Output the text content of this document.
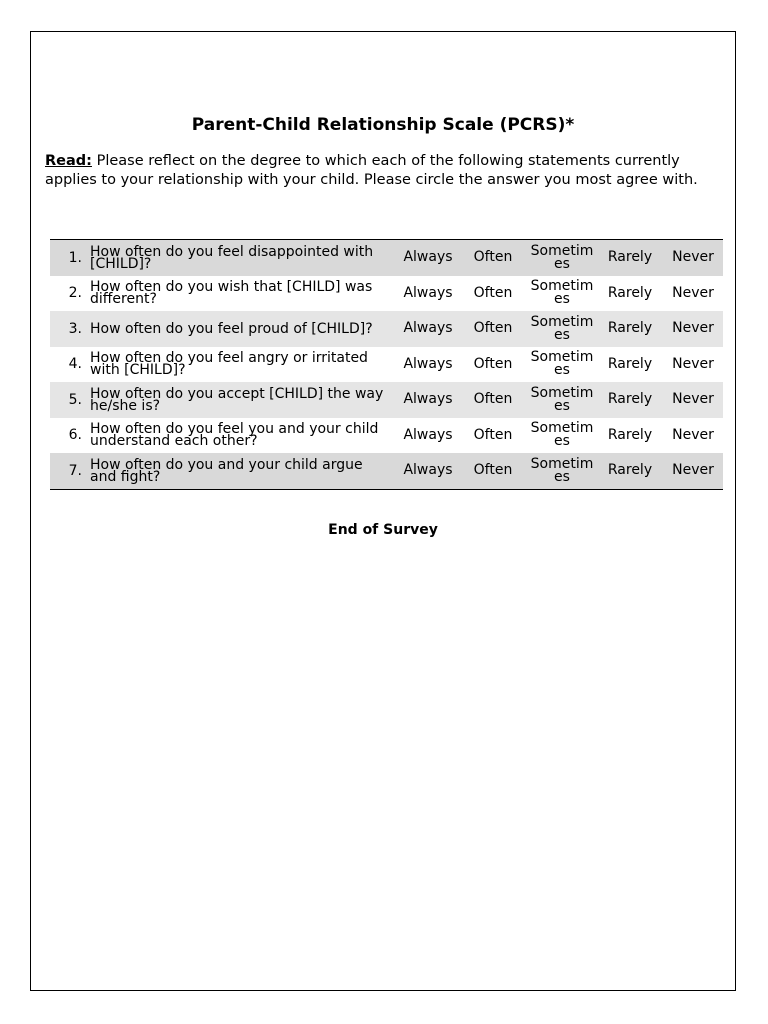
Parent-Child Relationship Scale (PCRS)*
Read: Please reflect on the degree to which each of the following statements currently applies to your relationship with your child. Please circle the answer you most agree with.
1. How often do you feel disappointed with [CHILD]?	Always	Often	Sometimes	Rarely	Never
2. How often do you wish that [CHILD] was different?	Always	Often	Sometimes	Rarely	Never
3. How often do you feel proud of [CHILD]?	Always	Often	Sometimes	Rarely	Never
4. How often do you feel angry or irritated with [CHILD]?	Always	Often	Sometimes	Rarely	Never
5. How often do you accept [CHILD] the way he/she is?	Always	Often	Sometimes	Rarely	Never
6. How often do you feel you and your child understand each other?	Always	Often	Sometimes	Rarely	Never
7. How often do you and your child argue and fight?	Always	Often	Sometimes	Rarely	Never
End of Survey
